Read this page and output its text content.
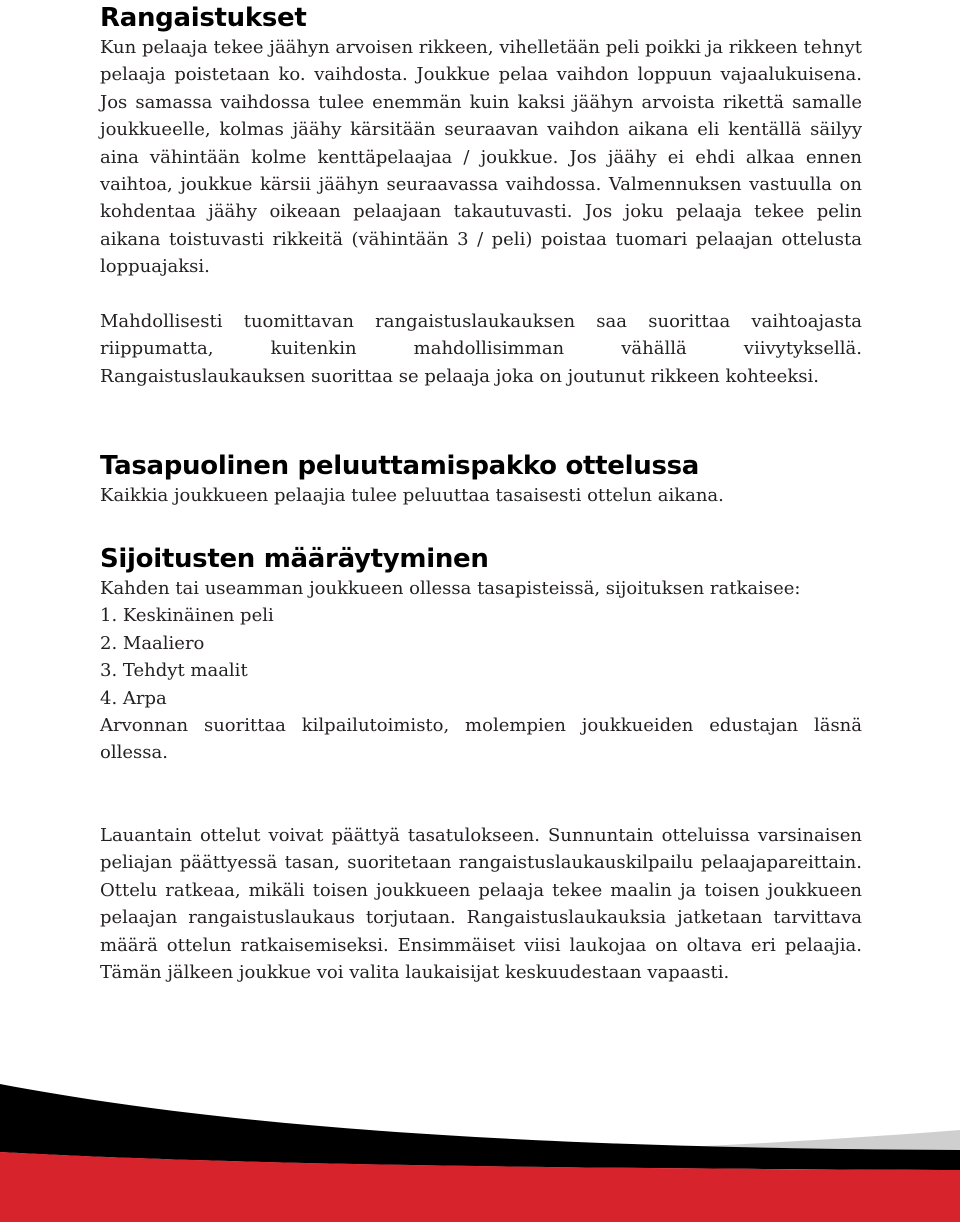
Rangaistukset

Kun pelaaja tekee jäähyn arvoisen rikkeen, vihelletään peli poikki ja rikkeen tehnyt pelaaja poistetaan ko. vaihdosta. Joukkue pelaa vaihdon loppuun vajaalukuisena. Jos samassa vaihdossa tulee enemmän kuin kaksi jäähyn arvoista rikettä samalle joukkueelle, kolmas jäähy kärsitään seuraavan vaihdon aikana eli kentällä säilyy aina vähintään kolme kenttäpelaajaa / joukkue. Jos jäähy ei ehdi alkaa ennen vaihtoa, joukkue kärsii jäähyn seuraavassa vaihdossa. Valmennuksen vastuulla on kohdentaa jäähy oikeaan pelaajaan takautuvasti. Jos joku pelaaja tekee pelin aikana toistuvasti rikkeitä (vähintään 3 / peli) poistaa tuomari pelaajan ottelusta loppuajaksi.

Mahdollisesti tuomittavan rangaistuslaukauksen saa suorittaa vaihtoajasta riippumatta, kuitenkin mahdollisimman vähällä viivytyksellä. Rangaistuslaukauksen suorittaa se pelaaja joka on joutunut rikkeen kohteeksi.

Tasapuolinen peluuttamispakko ottelussa

Kaikkia joukkueen pelaajia tulee peluuttaa tasaisesti ottelun aikana.

Sijoitusten määräytyminen

Kahden tai useamman joukkueen ollessa tasapisteissä, sijoituksen ratkaisee:

1. Keskinäinen peli
2. Maaliero
3. Tehdyt maalit
4. Arpa

Arvonnan suorittaa kilpailutoimisto, molempien joukkueiden edustajan läsnä ollessa.

Lauantain ottelut voivat päättyä tasatulokseen. Sunnuntain otteluissa varsinaisen peliajan päättyessä tasan, suoritetaan rangaistuslaukauskilpailu pelaajapareittain. Ottelu ratkeaa, mikäli toisen joukkueen pelaaja tekee maalin ja toisen joukkueen pelaajan rangaistuslaukaus torjutaan. Rangaistuslaukauksia jatketaan tarvittava määrä ottelun ratkaisemiseksi. Ensimmäiset viisi laukojaa on oltava eri pelaajia. Tämän jälkeen joukkue voi valita laukaisijat keskuudestaan vapaasti.
